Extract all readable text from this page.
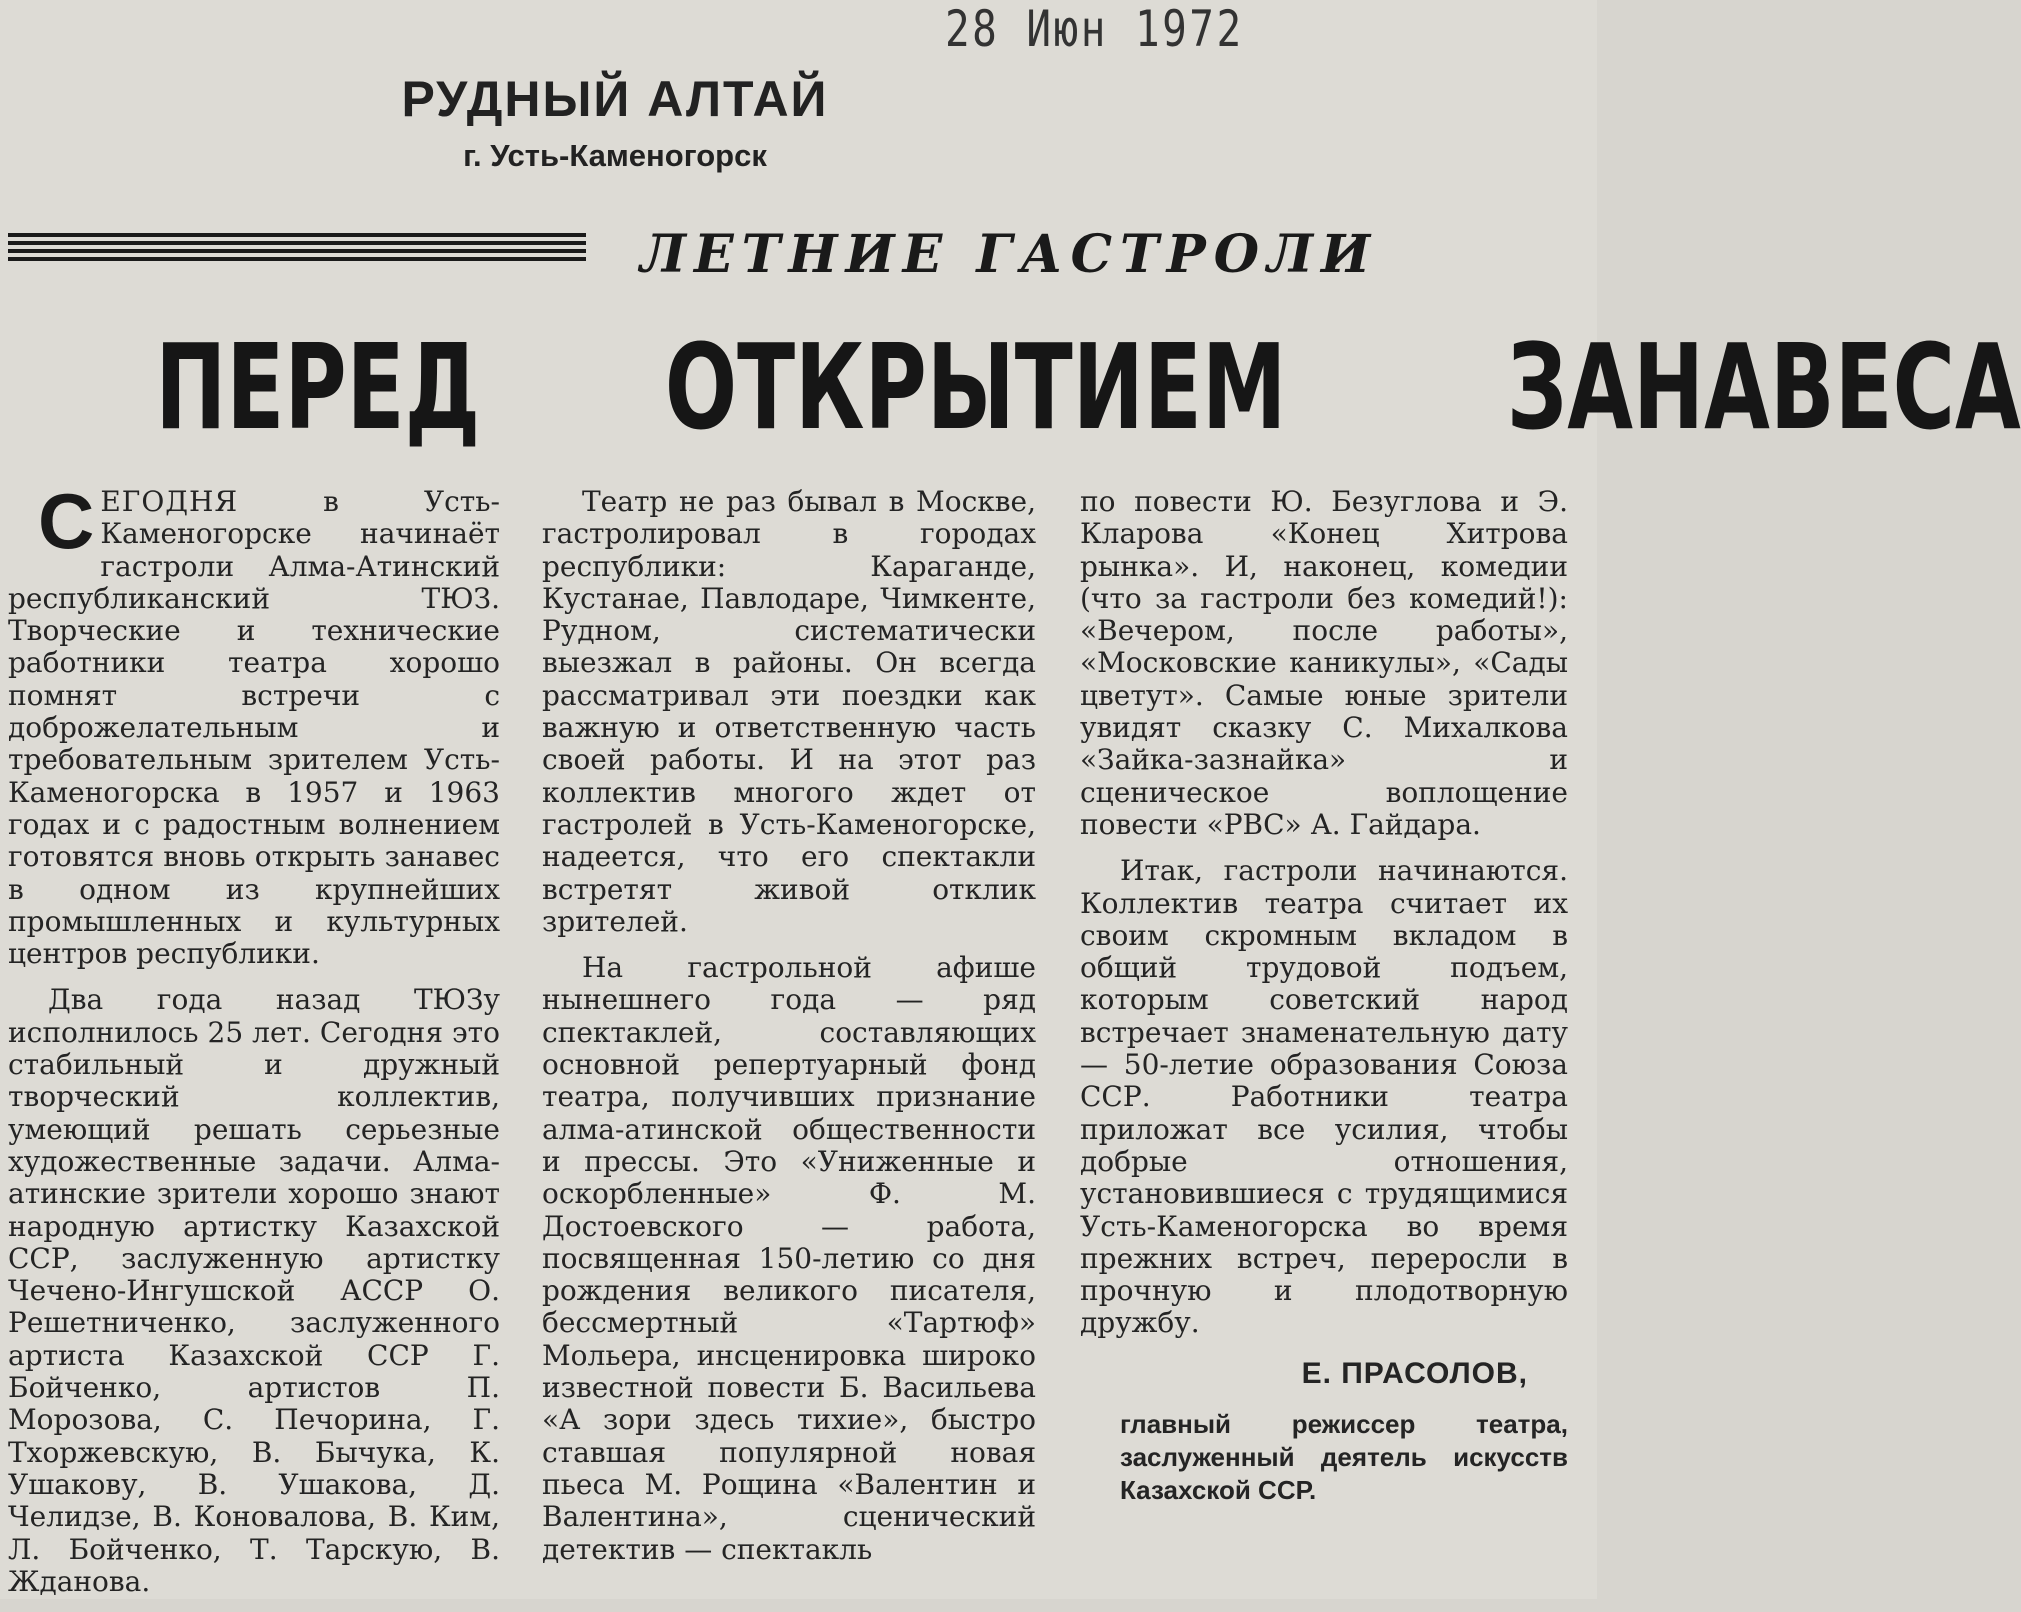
28 Июн 1972
РУДНЫЙ АЛТАЙ
г. Усть-Каменогорск
ЛЕТНИЕ ГАСТРОЛИ
ПЕРЕД ОТКРЫТИЕМ ЗАНАВЕСА

СЕГОДНЯ в Усть-Каменогорске начинаёт гастроли Алма-Атинский республиканский ТЮЗ. Творческие и технические работники театра хорошо помнят встречи с доброжелательным и требовательным зрителем Усть-Каменогорска в 1957 и 1963 годах и с радостным волнением готовятся вновь открыть занавес в одном из крупнейших промышленных и культурных центров республики.

Два года назад ТЮЗу исполнилось 25 лет. Сегодня это стабильный и дружный творческий коллектив, умеющий решать серьезные художественные задачи. Алма-атинские зрители хорошо знают народную артистку Казахской ССР, заслуженную артистку Чечено-Ингушской АССР О. Решетниченко, заслуженного артиста Казахской ССР Г. Бойченко, артистов П. Морозова, С. Печорина, Г. Тхоржевскую, В. Бычука, К. Ушакову, В. Ушакова, Д. Челидзе, В. Коновалова, В. Ким, Л. Бойченко, Т. Тарскую, В. Жданова.

Театр не раз бывал в Москве, гастролировал в городах республики: Караганде, Кустанае, Павлодаре, Чимкенте, Рудном, систематически выезжал в районы. Он всегда рассматривал эти поездки как важную и ответственную часть своей работы. И на этот раз коллектив многого ждет от гастролей в Усть-Каменогорске, надеется, что его спектакли встретят живой отклик зрителей.

На гастрольной афише нынешнего года — ряд спектаклей, составляющих основной репертуарный фонд театра, получивших признание алма-атинской общественности и прессы. Это «Униженные и оскорбленные» Ф. М. Достоевского — работа, посвященная 150-летию со дня рождения великого писателя, бессмертный «Тартюф» Мольера, инсценировка широко известной повести Б. Васильева «А зори здесь тихие», быстро ставшая популярной новая пьеса М. Рощина «Валентин и Валентина», сценический детектив — спектакль

по повести Ю. Безуглова и Э. Кларова «Конец Хитрова рынка». И, наконец, комедии (что за гастроли без комедий!): «Вечером, после работы», «Московские каникулы», «Сады цветут». Самые юные зрители увидят сказку С. Михалкова «Зайка-зазнайка» и сценическое воплощение повести «РВС» А. Гайдара.

Итак, гастроли начинаются. Коллектив театра считает их своим скромным вкладом в общий трудовой подъем, которым советский народ встречает знаменательную дату — 50-летие образования Союза ССР. Работники театра приложат все усилия, чтобы добрые отношения, установившиеся с трудящимися Усть-Каменогорска во время прежних встреч, переросли в прочную и плодотворную дружбу.

Е. ПРАСОЛОВ,
главный режиссер театра, заслуженный деятель искусств Казахской ССР.
